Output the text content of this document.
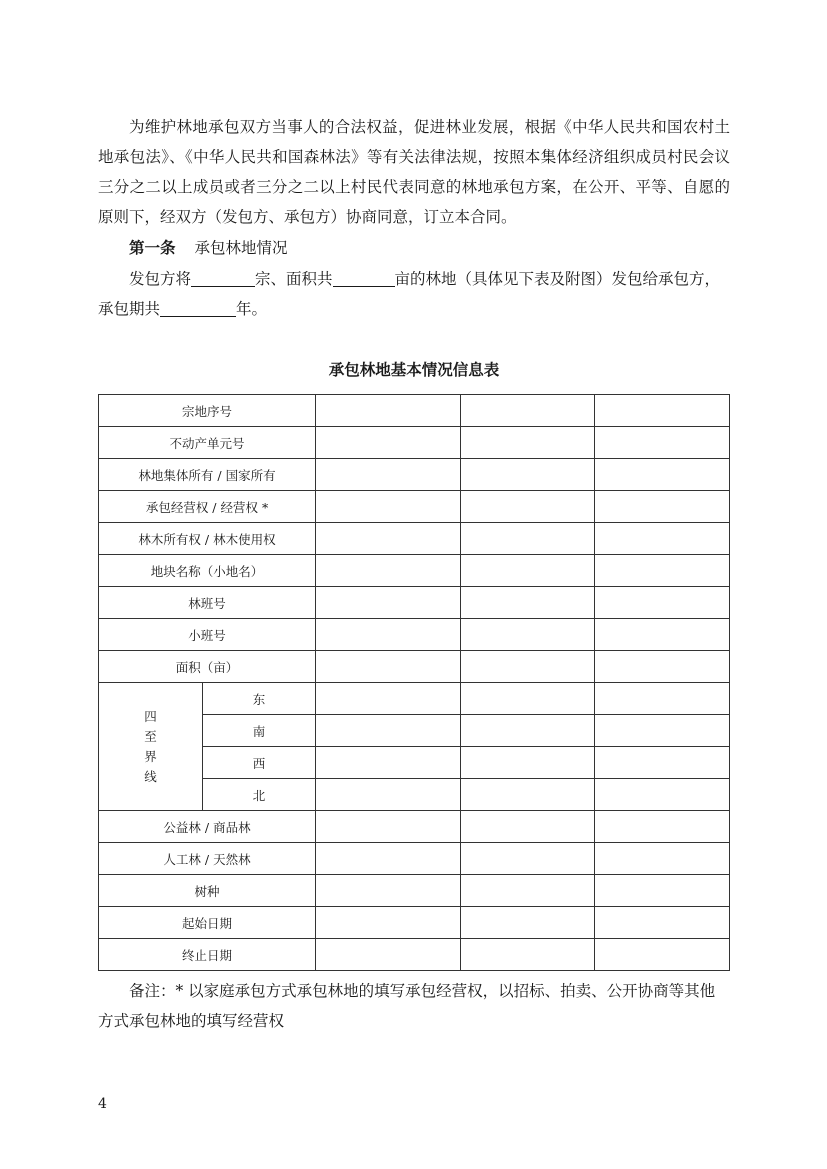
为维护林地承包双方当事人的合法权益，促进林业发展，根据《中华人民共和国农村土地承包法》、《中华人民共和国森林法》等有关法律法规，按照本集体经济组织成员村民会议三分之二以上成员或者三分之二以上村民代表同意的林地承包方案，在公开、平等、自愿的原则下，经双方（发包方、承包方）协商同意，订立本合同。

第一条 承包林地情况

发包方将	宗、面积共	亩的林地（具体见下表及附图）发包给承包方，承包期共	年。

承包林地基本情况信息表
宗地序号				
不动产单元号				
林地集体所有 / 国家所有				
承包经营权 / 经营权 *				
林木所有权 / 林木使用权				
地块名称（小地名）				
林班号				
小班号				
面积（亩）				
四
至
界
线	东			
	南			
	西			
	北			
公益林 / 商品林				
人工林 / 天然林				
树种				
起始日期				
终止日期				

备注：* 以家庭承包方式承包林地的填写承包经营权，以招标、拍卖、公开协商等其他方式承包林地的填写经营权

4
